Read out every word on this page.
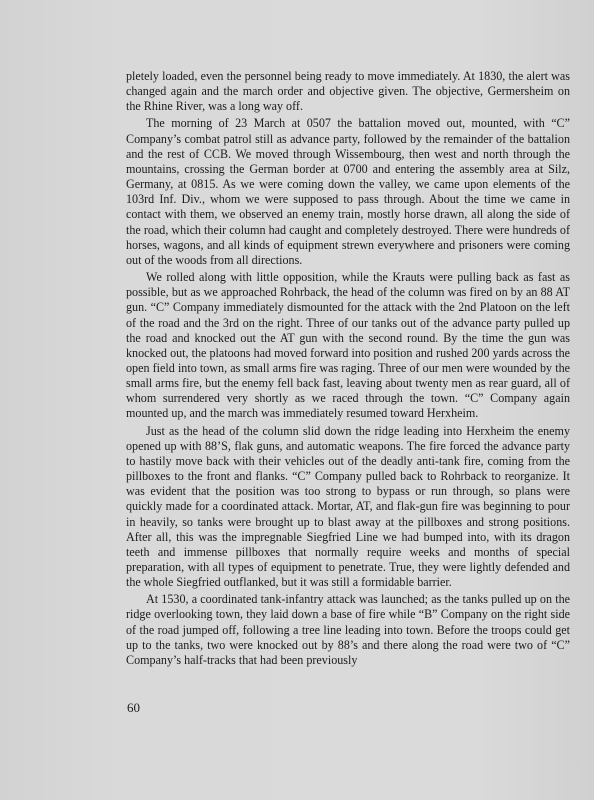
pletely loaded, even the personnel being ready to move immediately. At 1830, the alert was changed again and the march order and objective given. The objective, Germersheim on the Rhine River, was a long way off.

The morning of 23 March at 0507 the battalion moved out, mounted, with “C” Company’s combat patrol still as advance party, followed by the remainder of the battalion and the rest of CCB. We moved through Wissembourg, then west and north through the mountains, crossing the German border at 0700 and entering the assembly area at Silz, Germany, at 0815. As we were coming down the valley, we came upon elements of the 103rd Inf. Div., whom we were supposed to pass through. About the time we came in contact with them, we observed an enemy train, mostly horse drawn, all along the side of the road, which their column had caught and completely destroyed. There were hundreds of horses, wagons, and all kinds of equipment strewn everywhere and prisoners were coming out of the woods from all directions.

We rolled along with little opposition, while the Krauts were pulling back as fast as possible, but as we approached Rohrback, the head of the column was fired on by an 88 AT gun. “C” Company immediately dismounted for the attack with the 2nd Platoon on the left of the road and the 3rd on the right. Three of our tanks out of the advance party pulled up the road and knocked out the AT gun with the second round. By the time the gun was knocked out, the platoons had moved forward into position and rushed 200 yards across the open field into town, as small arms fire was raging. Three of our men were wounded by the small arms fire, but the enemy fell back fast, leaving about twenty men as rear guard, all of whom surrendered very shortly as we raced through the town. “C” Company again mounted up, and the march was immediately resumed toward Herxheim.

Just as the head of the column slid down the ridge leading into Herxheim the enemy opened up with 88’S, flak guns, and automatic weapons. The fire forced the advance party to hastily move back with their vehicles out of the deadly anti-tank fire, coming from the pillboxes to the front and flanks. “C” Company pulled back to Rohrback to reorganize. It was evident that the position was too strong to bypass or run through, so plans were quickly made for a coordinated attack. Mortar, AT, and flak-gun fire was beginning to pour in heavily, so tanks were brought up to blast away at the pillboxes and strong positions. After all, this was the impregnable Siegfried Line we had bumped into, with its dragon teeth and immense pillboxes that normally require weeks and months of special preparation, with all types of equipment to penetrate. True, they were lightly defended and the whole Siegfried outflanked, but it was still a formidable barrier.

At 1530, a coordinated tank-infantry attack was launched; as the tanks pulled up on the ridge overlooking town, they laid down a base of fire while “B” Company on the right side of the road jumped off, following a tree line leading into town. Before the troops could get up to the tanks, two were knocked out by 88’s and there along the road were two of “C” Company’s half-tracks that had been previously

60
